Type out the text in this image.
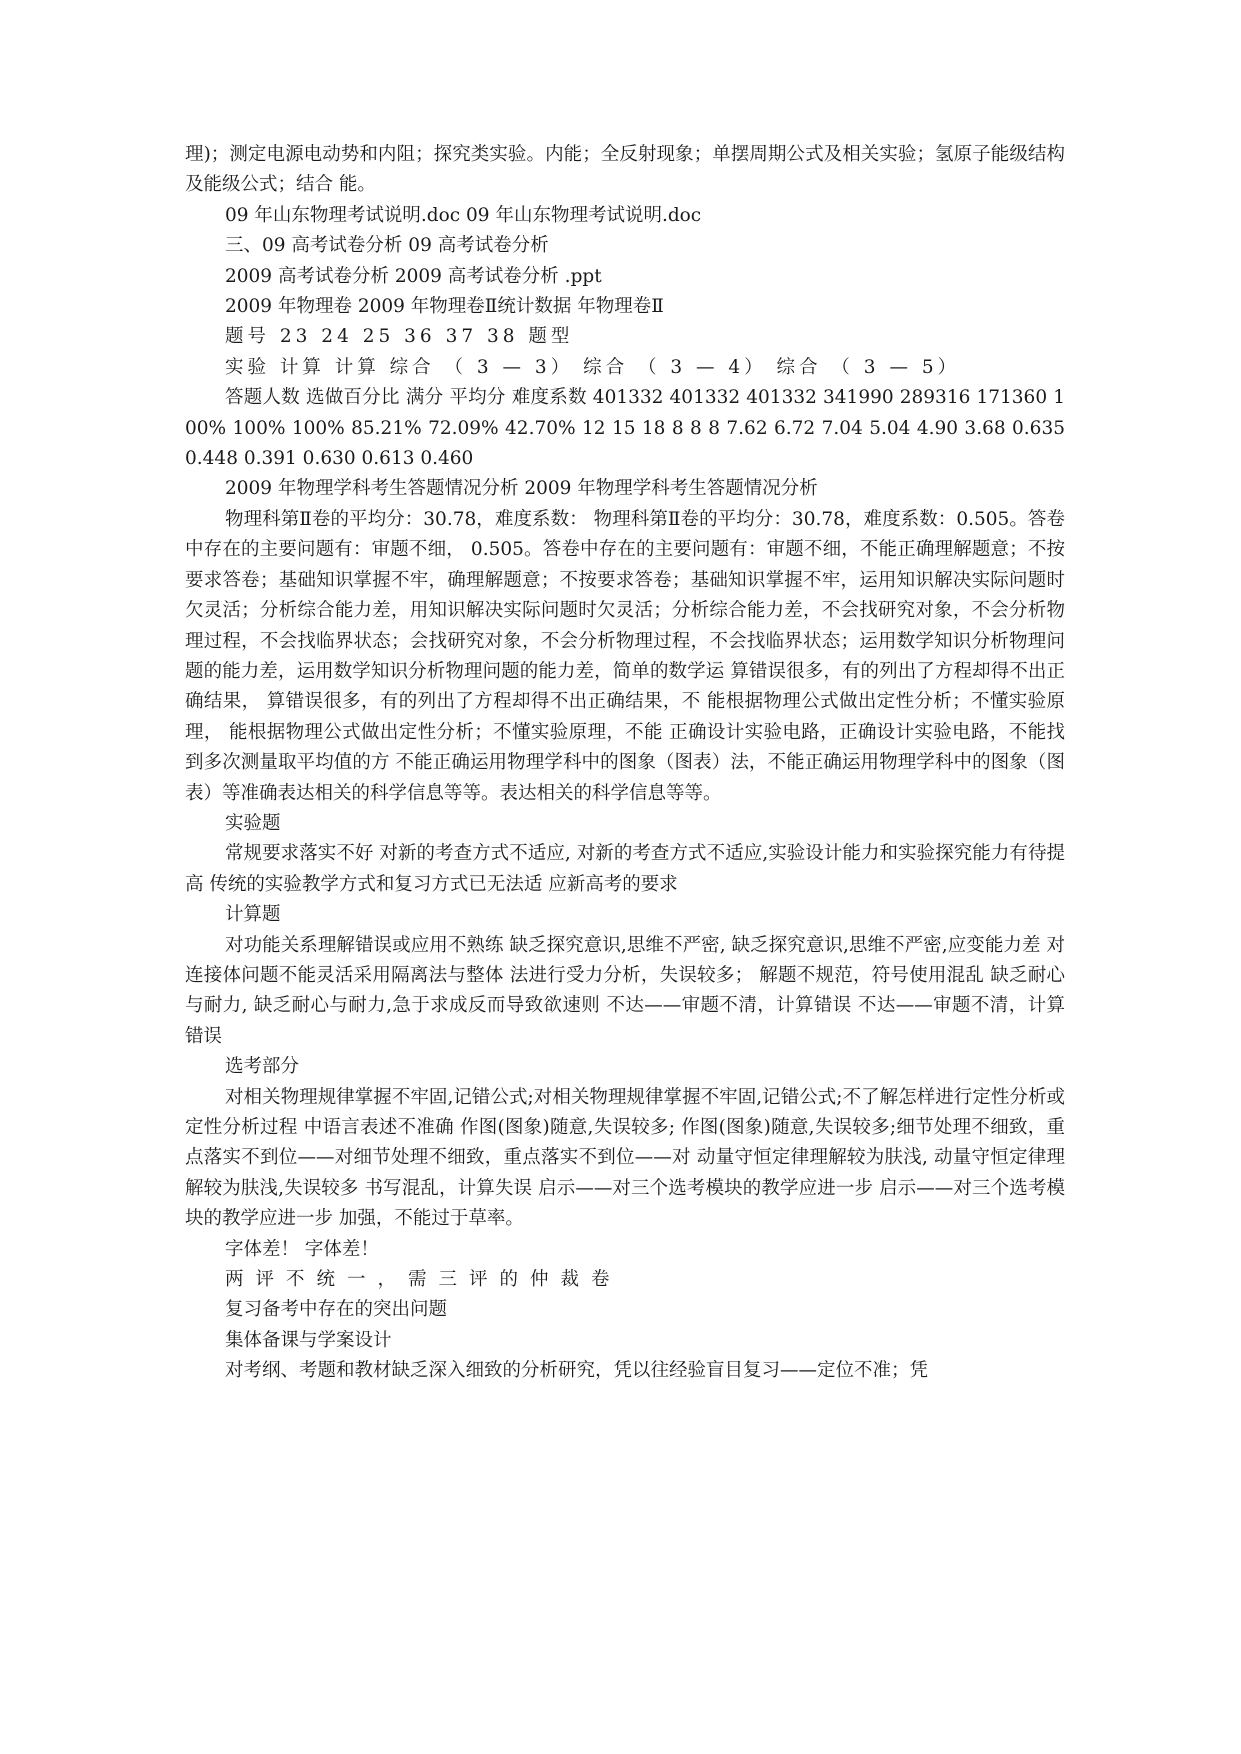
理)；测定电源电动势和内阻；探究类实验。内能；全反射现象；单摆周期公式及相关实验；氢原子能级结构及能级公式；结合 能。

09 年山东物理考试说明.doc 09 年山东物理考试说明.doc

三、09 高考试卷分析 09 高考试卷分析

2009 高考试卷分析 2009 高考试卷分析 .ppt

2009 年物理卷 2009 年物理卷Ⅱ统计数据 年物理卷Ⅱ

题号 23 24 25 36 37 38 题型

实验 计算 计算 综合 （ 3 — 3） 综合 （ 3 — 4） 综合 （ 3 — 5）

答题人数 选做百分比 满分 平均分 难度系数 401332 401332 401332 341990 289316 171360 100% 100% 100% 85.21% 72.09% 42.70% 12 15 18 8 8 8 7.62 6.72 7.04 5.04 4.90 3.68 0.635 0.448 0.391 0.630 0.613 0.460

2009 年物理学科考生答题情况分析 2009 年物理学科考生答题情况分析

物理科第Ⅱ卷的平均分：30.78，难度系数： 物理科第Ⅱ卷的平均分：30.78，难度系数：0.505。答卷中存在的主要问题有：审题不细， 0.505。答卷中存在的主要问题有：审题不细，不能正确理解题意；不按要求答卷；基础知识掌握不牢，确理解题意；不按要求答卷；基础知识掌握不牢，运用知识解决实际问题时欠灵活；分析综合能力差，用知识解决实际问题时欠灵活；分析综合能力差，不会找研究对象，不会分析物理过程，不会找临界状态；会找研究对象，不会分析物理过程，不会找临界状态；运用数学知识分析物理问题的能力差，运用数学知识分析物理问题的能力差，简单的数学运 算错误很多，有的列出了方程却得不出正确结果， 算错误很多，有的列出了方程却得不出正确结果，不 能根据物理公式做出定性分析；不懂实验原理， 能根据物理公式做出定性分析；不懂实验原理，不能 正确设计实验电路，正确设计实验电路，不能找到多次测量取平均值的方 不能正确运用物理学科中的图象（图表）法，不能正确运用物理学科中的图象（图表）等准确表达相关的科学信息等等。表达相关的科学信息等等。

实验题

常规要求落实不好 对新的考查方式不适应, 对新的考查方式不适应,实验设计能力和实验探究能力有待提高 传统的实验教学方式和复习方式已无法适 应新高考的要求

计算题

对功能关系理解错误或应用不熟练 缺乏探究意识,思维不严密, 缺乏探究意识,思维不严密,应变能力差 对连接体问题不能灵活采用隔离法与整体 法进行受力分析，失误较多； 解题不规范，符号使用混乱 缺乏耐心与耐力, 缺乏耐心与耐力,急于求成反而导致欲速则 不达——审题不清，计算错误 不达——审题不清，计算错误

选考部分

对相关物理规律掌握不牢固,记错公式;对相关物理规律掌握不牢固,记错公式;不了解怎样进行定性分析或定性分析过程 中语言表述不准确 作图(图象)随意,失误较多; 作图(图象)随意,失误较多;细节处理不细致，重点落实不到位——对细节处理不细致，重点落实不到位——对 动量守恒定律理解较为肤浅, 动量守恒定律理解较为肤浅,失误较多 书写混乱，计算失误 启示——对三个选考模块的教学应进一步 启示——对三个选考模块的教学应进一步 加强，不能过于草率。

字体差！ 字体差！

两评不统一，需三评的仲裁卷

复习备考中存在的突出问题

集体备课与学案设计

对考纲、考题和教材缺乏深入细致的分析研究，凭以往经验盲目复习——定位不准；凭
